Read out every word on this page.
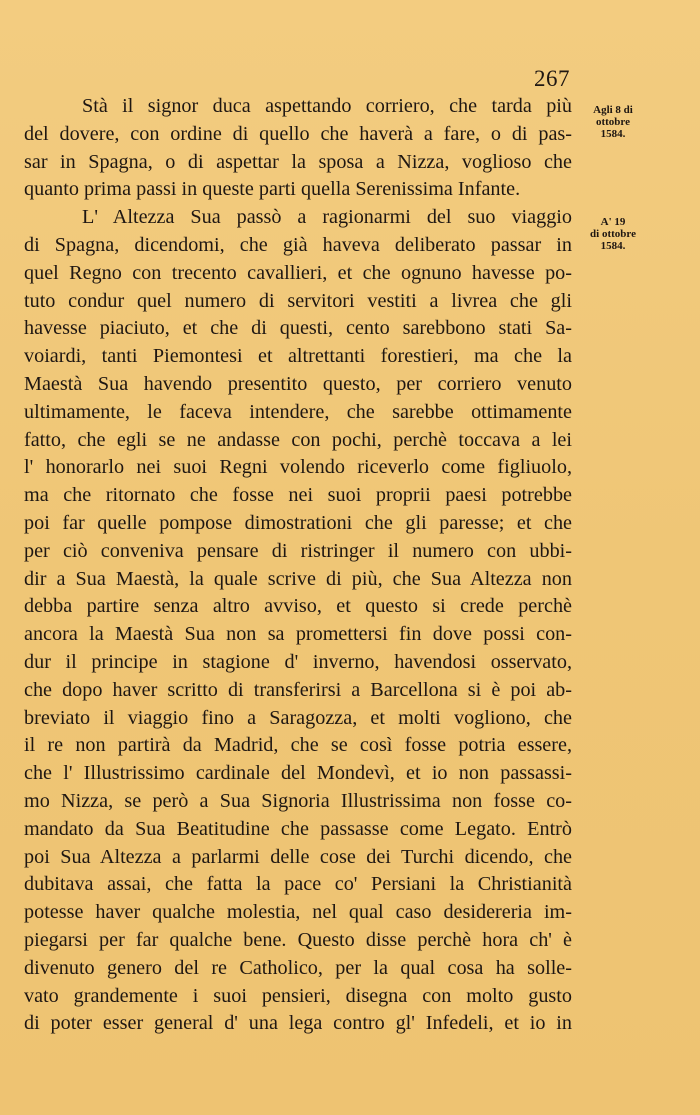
267
Agli 8 di
ottobre
1584.
A' 19
di ottobre
1584.
Stà il signor duca aspettando corriero, che tarda più
del dovere, con ordine di quello che haverà a fare, o di pas-
sar in Spagna, o di aspettar la sposa a Nizza, voglioso che
quanto prima passi in queste parti quella Serenissima Infante.
L' Altezza Sua passò a ragionarmi del suo viaggio
di Spagna, dicendomi, che già haveva deliberato passar in
quel Regno con trecento cavallieri, et che ognuno havesse po-
tuto condur quel numero di servitori vestiti a livrea che gli
havesse piaciuto, et che di questi, cento sarebbono stati Sa-
voiardi, tanti Piemontesi et altrettanti forestieri, ma che la
Maestà Sua havendo presentito questo, per corriero venuto
ultimamente, le faceva intendere, che sarebbe ottimamente
fatto, che egli se ne andasse con pochi, perchè toccava a lei
l' honorarlo nei suoi Regni volendo riceverlo come figliuolo,
ma che ritornato che fosse nei suoi proprii paesi potrebbe
poi far quelle pompose dimostrationi che gli paresse; et che
per ciò conveniva pensare di ristringer il numero con ubbi-
dir a Sua Maestà, la quale scrive di più, che Sua Altezza non
debba partire senza altro avviso, et questo si crede perchè
ancora la Maestà Sua non sa promettersi fin dove possi con-
dur il principe in stagione d' inverno, havendosi osservato,
che dopo haver scritto di transferirsi a Barcellona si è poi ab-
breviato il viaggio fino a Saragozza, et molti vogliono, che
il re non partirà da Madrid, che se così fosse potria essere,
che l' Illustrissimo cardinale del Mondevì, et io non passassi-
mo Nizza, se però a Sua Signoria Illustrissima non fosse co-
mandato da Sua Beatitudine che passasse come Legato. Entrò
poi Sua Altezza a parlarmi delle cose dei Turchi dicendo, che
dubitava assai, che fatta la pace co' Persiani la Christianità
potesse haver qualche molestia, nel qual caso desidereria im-
piegarsi per far qualche bene. Questo disse perchè hora ch' è
divenuto genero del re Catholico, per la qual cosa ha solle-
vato grandemente i suoi pensieri, disegna con molto gusto
di poter esser general d' una lega contro gl' Infedeli, et io in
